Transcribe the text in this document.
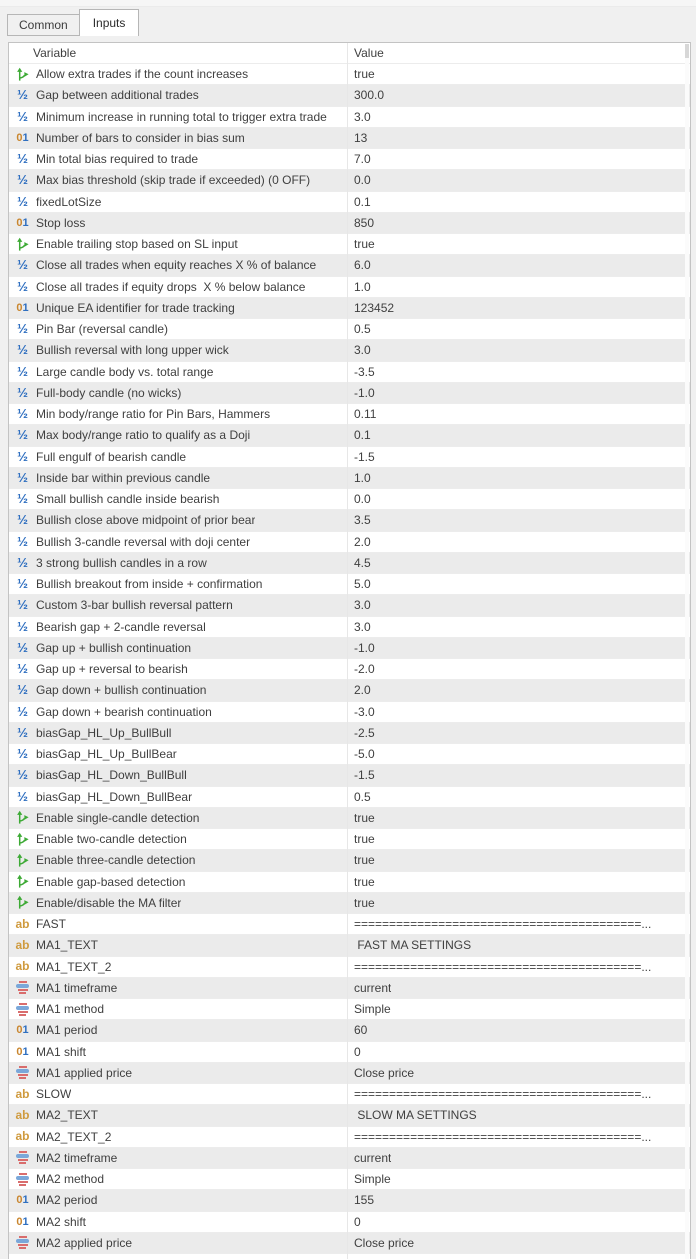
Common Inputs
Variable	Value
Allow extra trades if the count increases	true
½ Gap between additional trades	300.0
½ Minimum increase in running total to trigger extra trade 3.0
01 Number of bars to consider in bias sum	13
½ Min total bias required to trade	7.0
½ Max bias threshold (skip trade if exceeded) (0 OFF)	0.0
½ fixedLotSize	0.1
01 Stop loss	850
Enable trailing stop based on SL input	true
½ Close all trades when equity reaches X % of balance	6.0
½ Close all trades if equity drops  X % below balance	1.0
01 Unique EA identifier for trade tracking	123452
½ Pin Bar (reversal candle)	0.5
½ Bullish reversal with long upper wick	3.0
½ Large candle body vs. total range	-3.5
½ Full-body candle (no wicks)	-1.0
½ Min body/range ratio for Pin Bars, Hammers	0.11
½ Max body/range ratio to qualify as a Doji	0.1
½ Full engulf of bearish candle	-1.5
½ Inside bar within previous candle	1.0
½ Small bullish candle inside bearish	0.0
½ Bullish close above midpoint of prior bear	3.5
½ Bullish 3-candle reversal with doji center	2.0
½ 3 strong bullish candles in a row	4.5
½ Bullish breakout from inside + confirmation	5.0
½ Custom 3-bar bullish reversal pattern	3.0
½ Bearish gap + 2-candle reversal	3.0
½ Gap up + bullish continuation	-1.0
½ Gap up + reversal to bearish	-2.0
½ Gap down + bullish continuation	2.0
½ Gap down + bearish continuation	-3.0
½ biasGap_HL_Up_BullBull	-2.5
½ biasGap_HL_Up_BullBear	-5.0
½ biasGap_HL_Down_BullBull	-1.5
½ biasGap_HL_Down_BullBear	0.5
Enable single-candle detection	true
Enable two-candle detection	true
Enable three-candle detection	true
Enable gap-based detection	true
Enable/disable the MA filter	true
ab FAST	=========================================...
ab MA1_TEXT	FAST MA SETTINGS
ab MA1_TEXT_2	=========================================...
MA1 timeframe	current
MA1 method	Simple
01 MA1 period	60
01 MA1 shift	0
MA1 applied price	Close price
ab SLOW	=========================================...
ab MA2_TEXT	SLOW MA SETTINGS
ab MA2_TEXT_2	=========================================...
MA2 timeframe	current
MA2 method	Simple
01 MA2 period	155
01 MA2 shift	0
MA2 applied price	Close price
